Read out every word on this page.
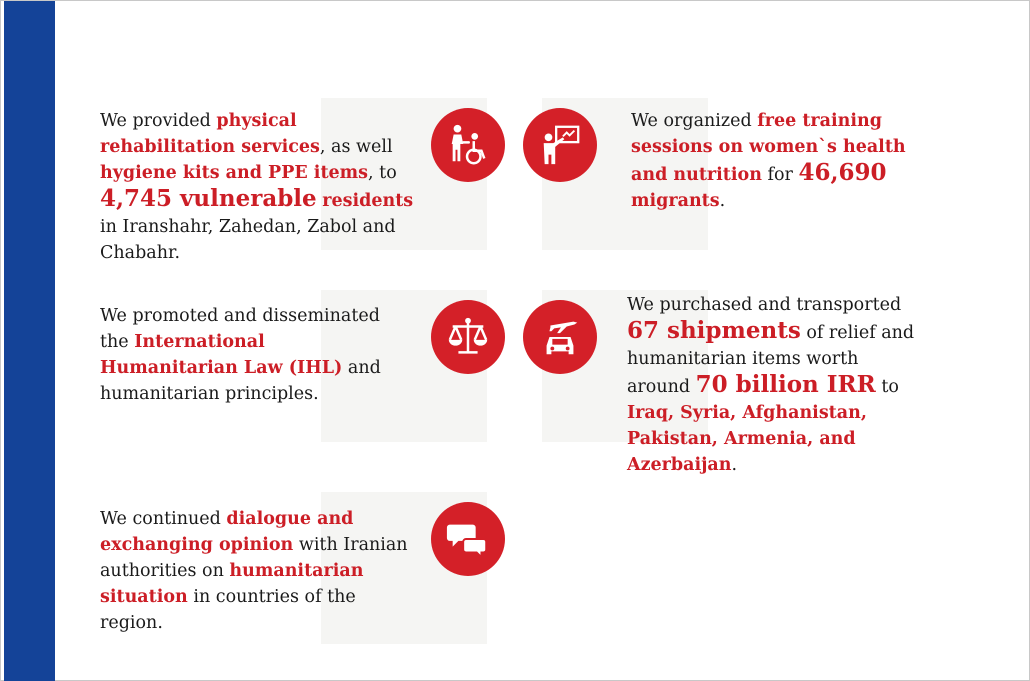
We provided physical rehabilitation services, as well hygiene kits and PPE items, to 4,745 vulnerable residents in Iranshahr, Zahedan, Zabol and Chabahr.
We organized free training sessions on women`s health and nutrition for 46,690 migrants.
We promoted and disseminated the International Humanitarian Law (IHL) and humanitarian principles.
We purchased and transported 67 shipments of relief and humanitarian items worth around 70 billion IRR to Iraq, Syria, Afghanistan, Pakistan, Armenia, and Azerbaijan.
We continued dialogue and exchanging opinion with Iranian authorities on humanitarian situation in countries of the region.
